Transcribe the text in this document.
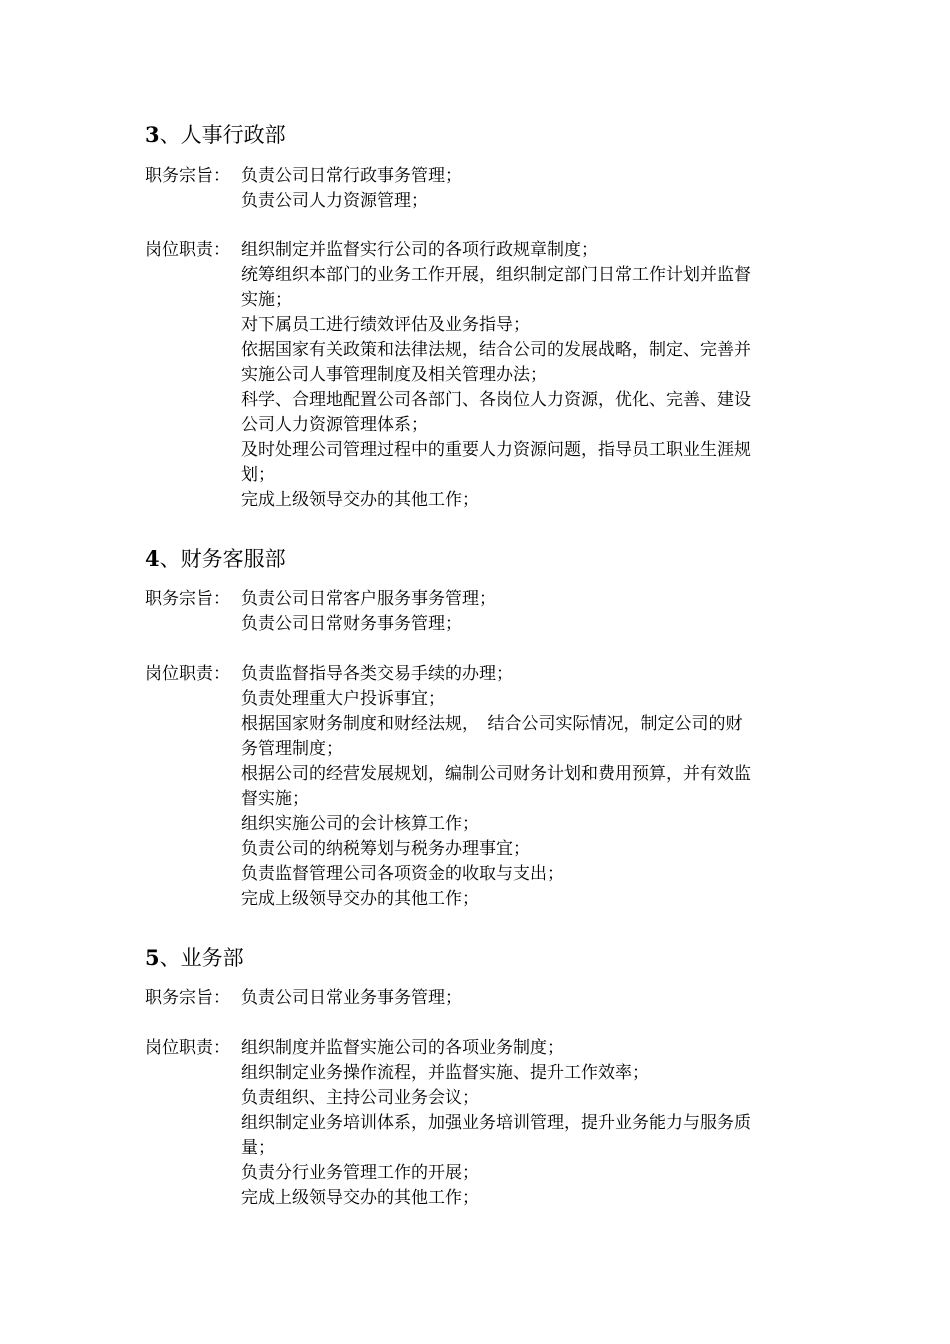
3、人事行政部
职务宗旨： 负责公司日常行政事务管理；
负责公司人力资源管理；
岗位职责： 组织制定并监督实行公司的各项行政规章制度；
统筹组织本部门的业务工作开展，组织制定部门日常工作计划并监督
实施；
对下属员工进行绩效评估及业务指导；
依据国家有关政策和法律法规，结合公司的发展战略，制定、完善并
实施公司人事管理制度及相关管理办法；
科学、合理地配置公司各部门、各岗位人力资源，优化、完善、建设
公司人力资源管理体系；
及时处理公司管理过程中的重要人力资源问题，指导员工职业生涯规
划；
完成上级领导交办的其他工作；
4、财务客服部
职务宗旨： 负责公司日常客户服务事务管理；
负责公司日常财务事务管理；
岗位职责： 负责监督指导各类交易手续的办理；
负责处理重大户投诉事宜；
根据国家财务制度和财经法规，　结合公司实际情况，制定公司的财
务管理制度；
根据公司的经营发展规划，编制公司财务计划和费用预算，并有效监
督实施；
组织实施公司的会计核算工作；
负责公司的纳税筹划与税务办理事宜；
负责监督管理公司各项资金的收取与支出；
完成上级领导交办的其他工作；
5、业务部
职务宗旨： 负责公司日常业务事务管理；
岗位职责： 组织制度并监督实施公司的各项业务制度；
组织制定业务操作流程，并监督实施、提升工作效率；
负责组织、主持公司业务会议；
组织制定业务培训体系，加强业务培训管理，提升业务能力与服务质
量；
负责分行业务管理工作的开展；
完成上级领导交办的其他工作；
